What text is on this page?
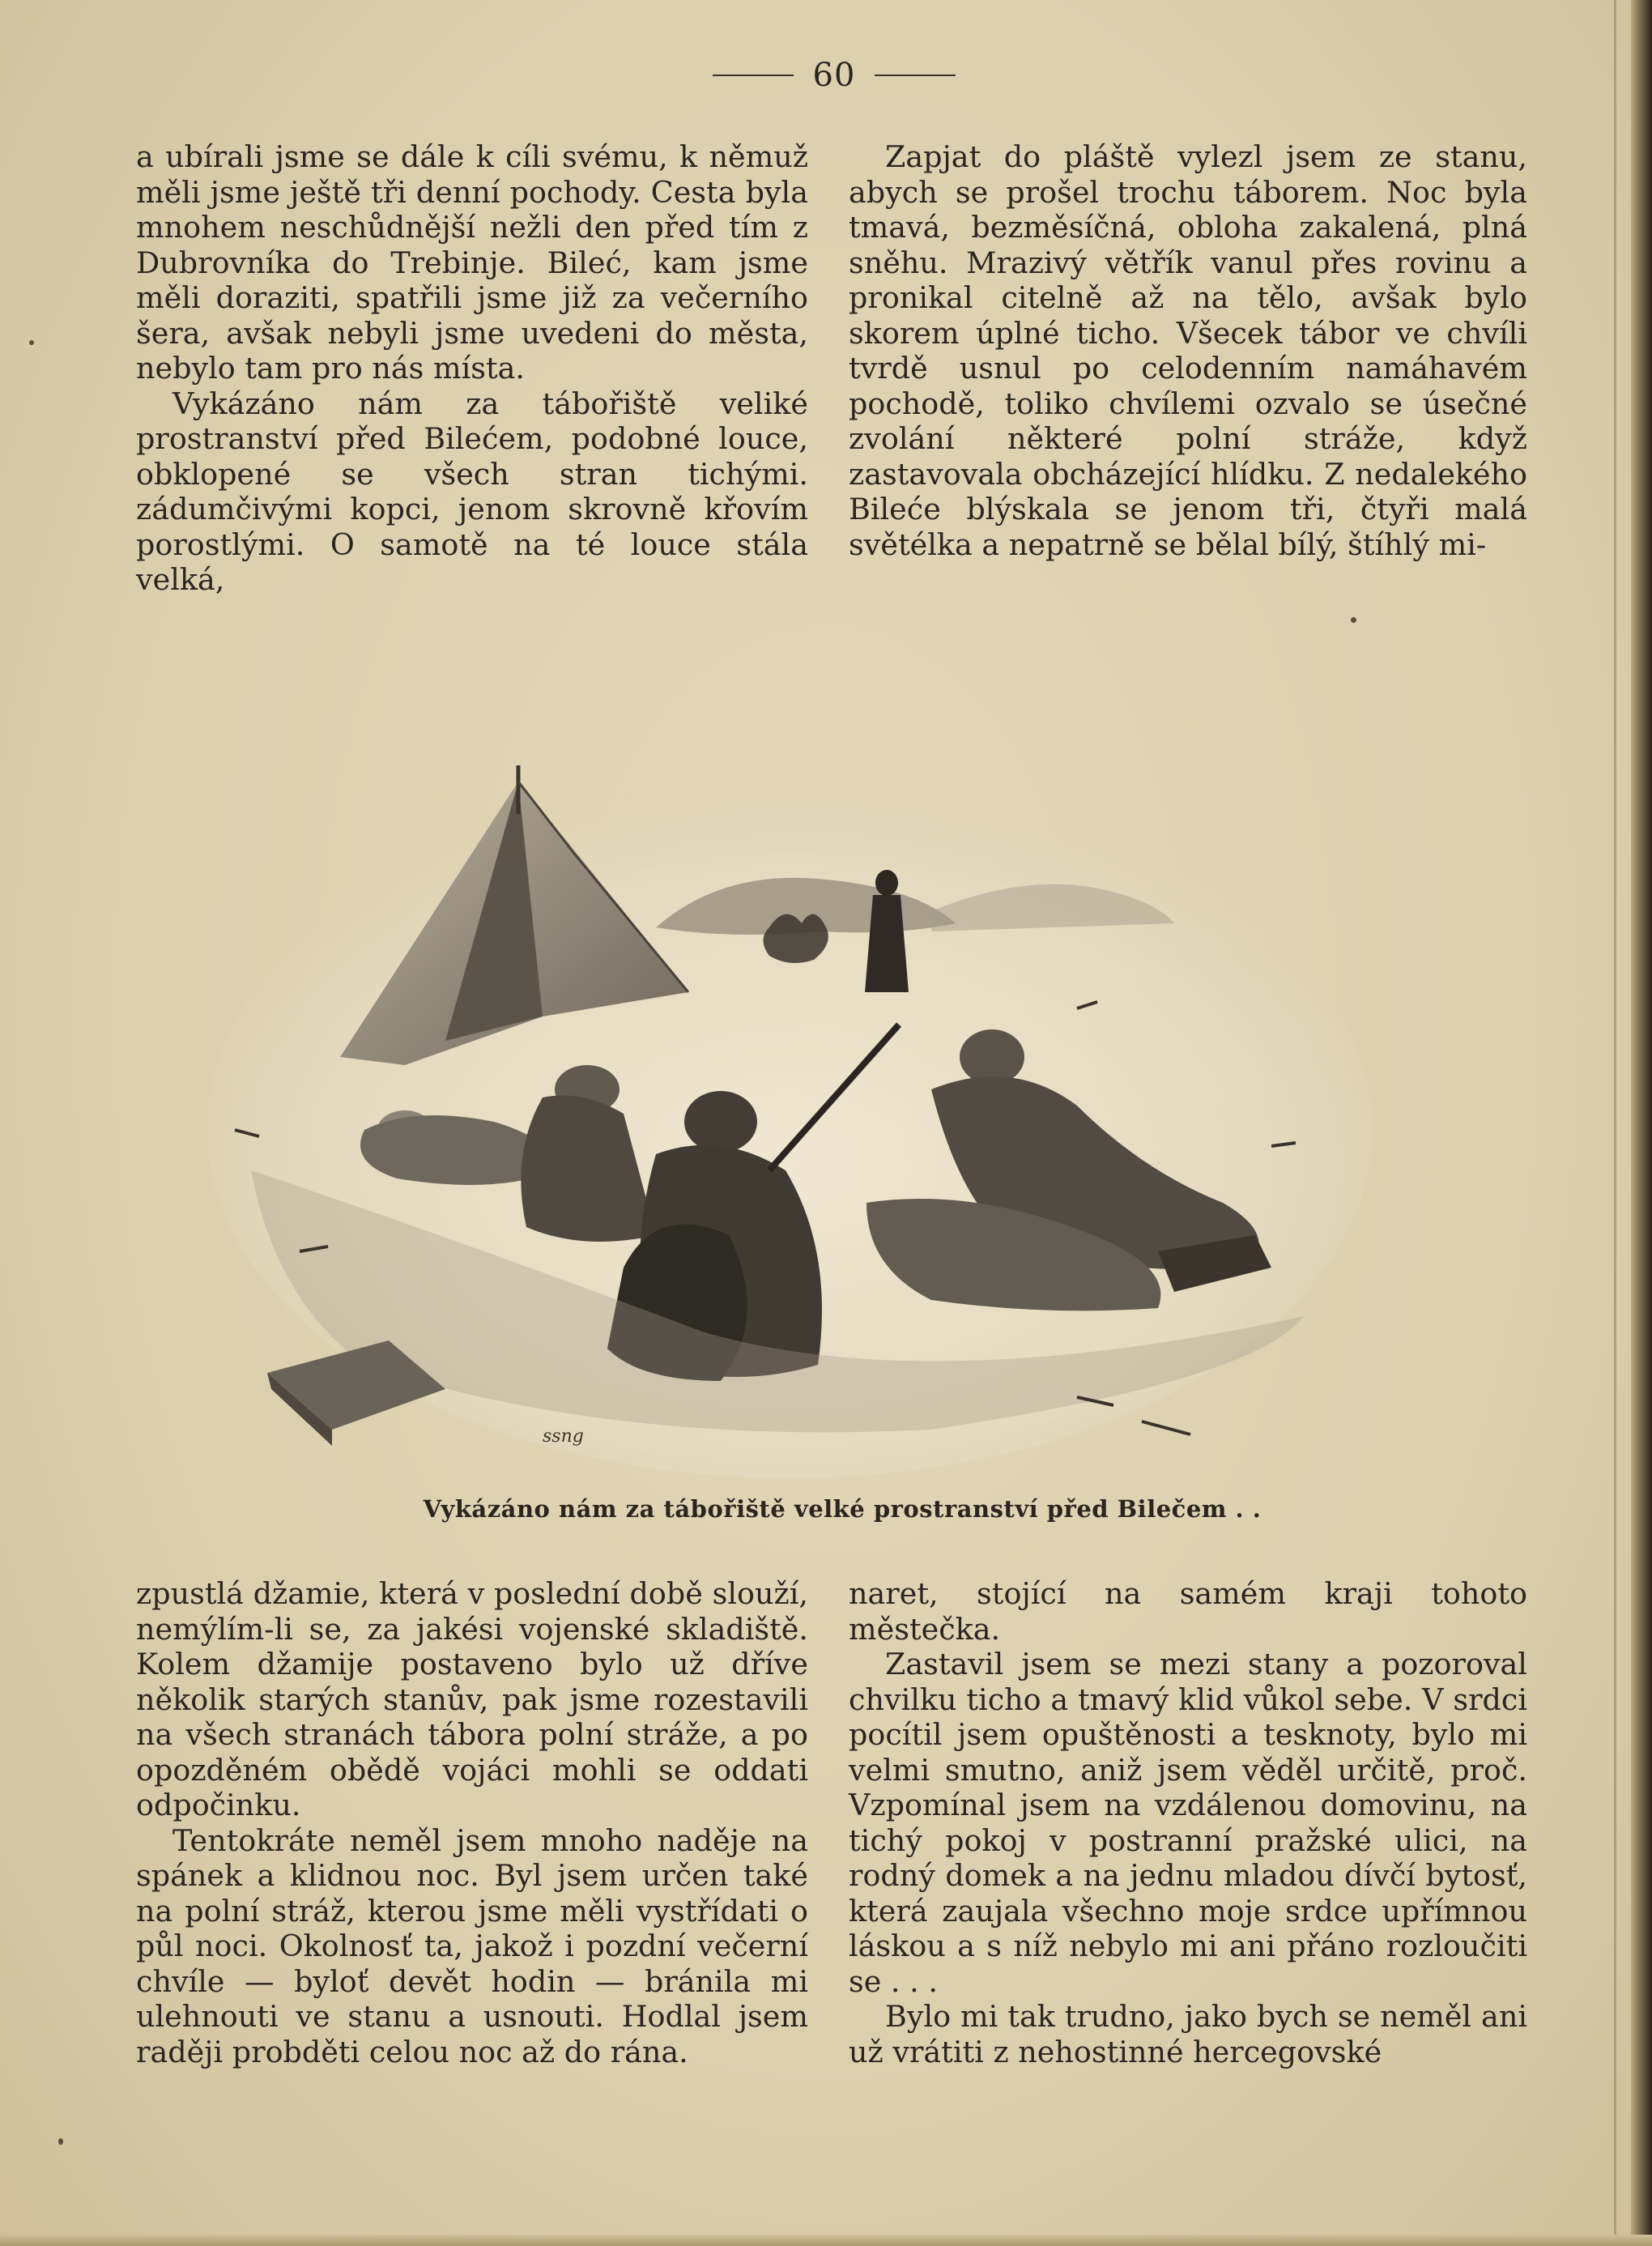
60

a ubírali jsme se dále k cíli svému, k němuž měli jsme ještě tři denní pochody. Cesta byla mnohem neschůdnější nežli den před tím z Dubrovníka do Trebinje. Bileć, kam jsme měli doraziti, spatřili jsme již za večerního šera, avšak nebyli jsme uvedeni do města, nebylo tam pro nás místa.

Vykázáno nám za tábořiště veliké prostranství před Bilećem, podobné louce, obklopené se všech stran tichými. zádumčivými kopci, jenom skrovně křovím porostlými. O samotě na té louce stála velká,

Zapjat do pláště vylezl jsem ze stanu, abych se prošel trochu táborem. Noc byla tmavá, bezměsíčná, obloha zakalená, plná sněhu. Mrazivý větřík vanul přes rovinu a pronikal citelně až na tělo, avšak bylo skorem úplné ticho. Všecek tábor ve chvíli tvrdě usnul po celodenním namáhavém pochodě, toliko chvílemi ozvalo se úsečné zvolání některé polní stráže, když zastavovala obcházející hlídku. Z nedalekého Bileće blýskala se jenom tři, čtyři malá světélka a nepatrně se bělal bílý, štíhlý mi-

ssng
Vykázáno nám za tábořiště velké prostranství před Bilečem . .

zpustlá džamie, která v poslední době slouží, nemýlím-li se, za jakési vojenské skladiště. Kolem džamije postaveno bylo už dříve několik starých stanův, pak jsme rozestavili na všech stranách tábora polní stráže, a po opozděném obědě vojáci mohli se oddati odpočinku.

Tentokráte neměl jsem mnoho naděje na spánek a klidnou noc. Byl jsem určen také na polní stráž, kterou jsme měli vystřídati o půl noci. Okolnosť ta, jakož i pozdní večerní chvíle — byloť devět hodin — bránila mi ulehnouti ve stanu a usnouti. Hodlal jsem raději probděti celou noc až do rána.

naret, stojící na samém kraji tohoto městečka.

Zastavil jsem se mezi stany a pozoroval chvilku ticho a tmavý klid vůkol sebe. V srdci pocítil jsem opuštěnosti a tesknoty, bylo mi velmi smutno, aniž jsem věděl určitě, proč. Vzpomínal jsem na vzdálenou domovinu, na tichý pokoj v postranní pražské ulici, na rodný domek a na jednu mladou dívčí bytosť, která zaujala všechno moje srdce upřímnou láskou a s níž nebylo mi ani přáno rozloučiti se . . .

Bylo mi tak trudno, jako bych se neměl ani už vrátiti z nehostinné hercegovské
